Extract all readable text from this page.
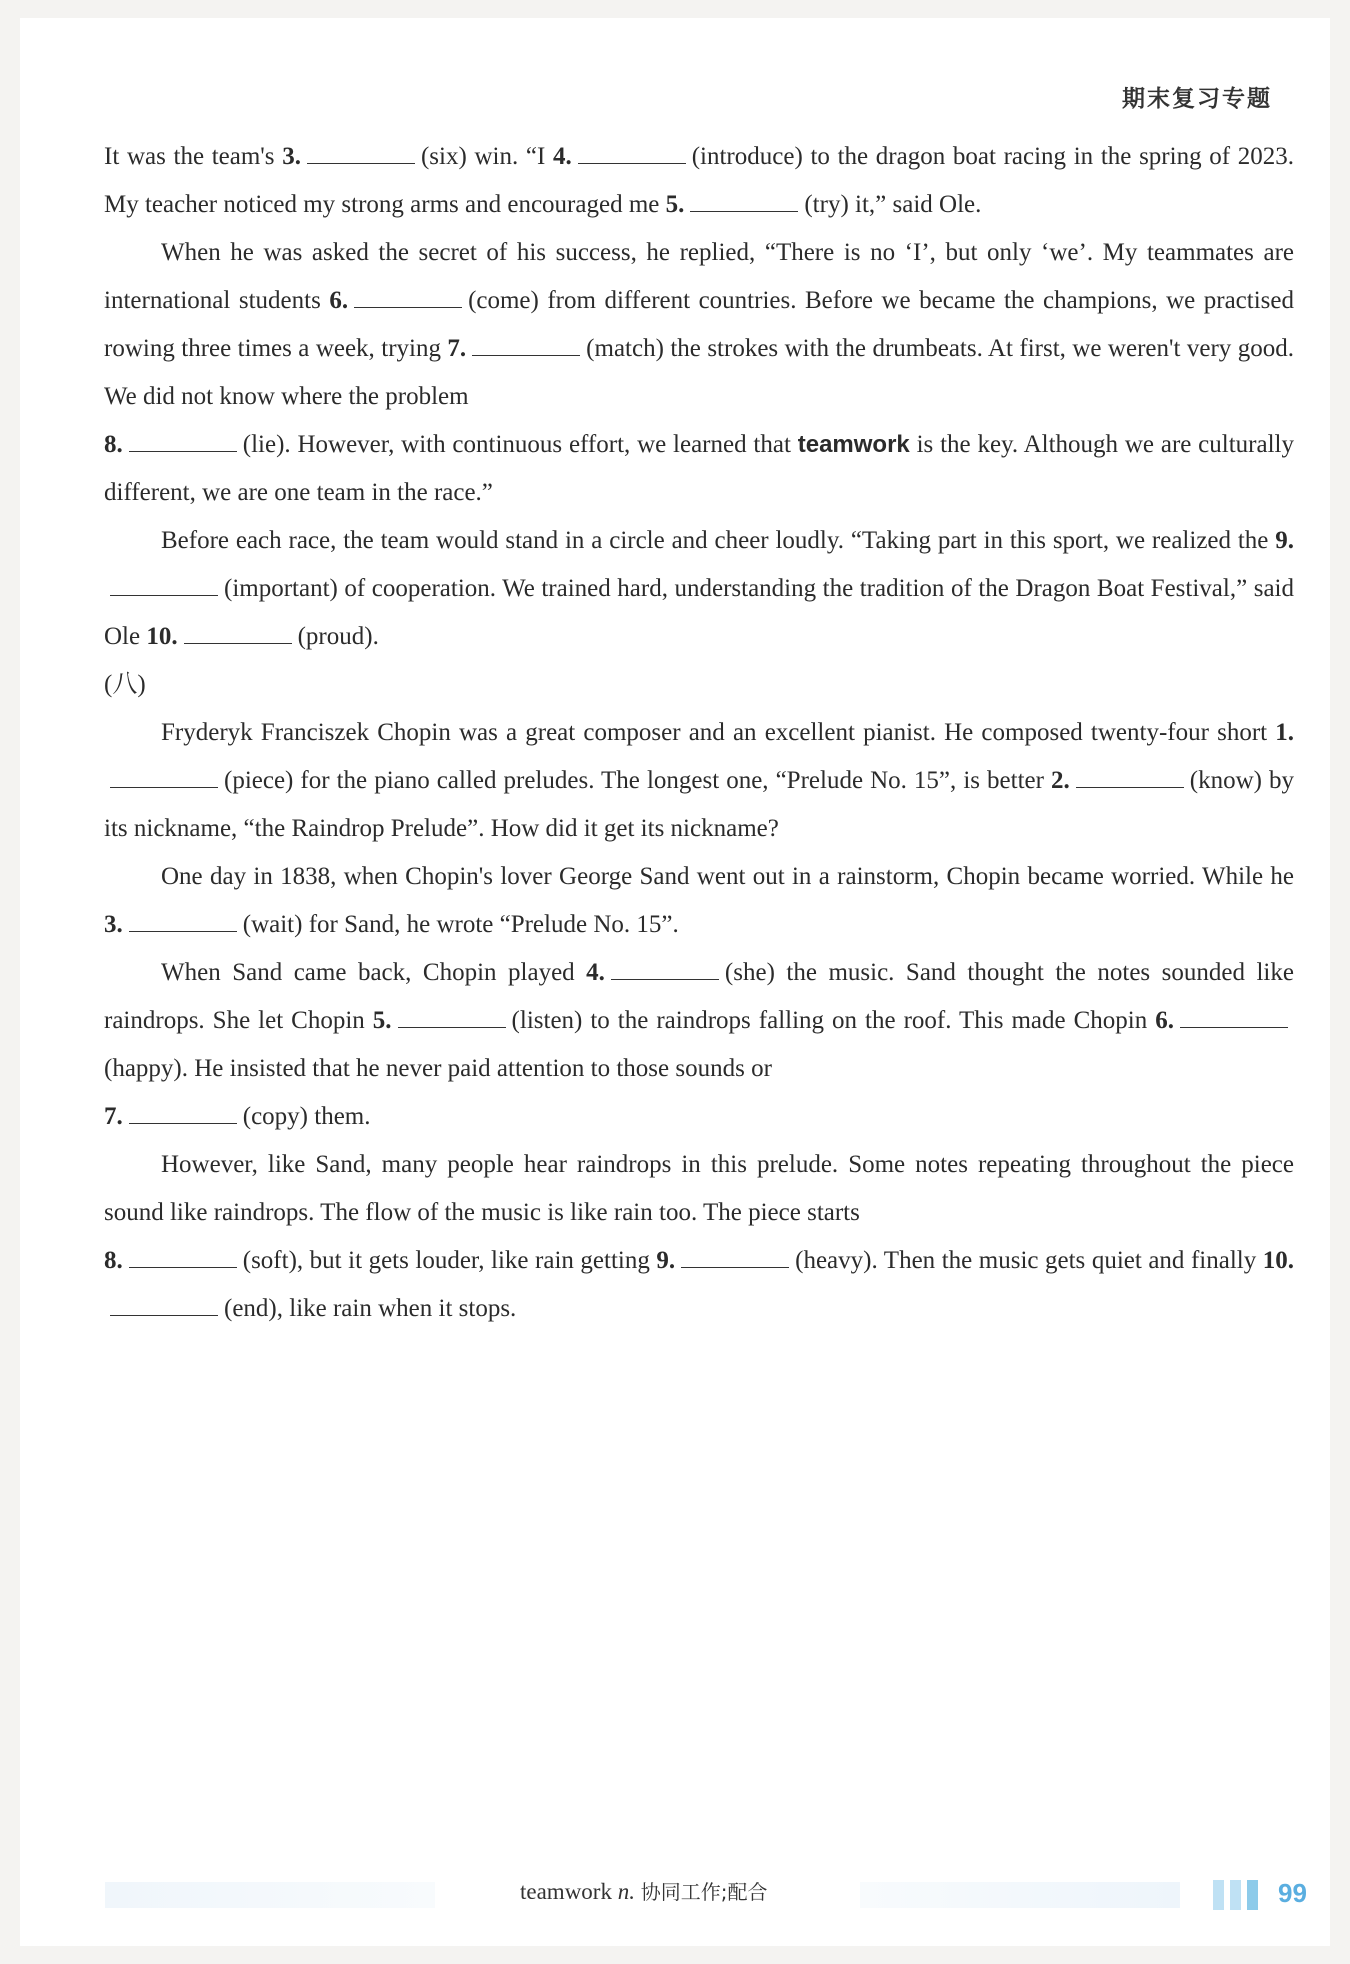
期末复习专题

It was the team's 3.	(six) win. “I 4.	(introduce) to the dragon boat racing in the spring of 2023. My teacher noticed my strong arms and encouraged me 5.	(try) it,” said Ole.

When he was asked the secret of his success, he replied, “There is no ‘I’, but only ‘we’. My teammates are international students 6.	(come) from different countries. Before we became the champions, we practised rowing three times a week, trying 7.	(match) the strokes with the drumbeats. At first, we weren't very good. We did not know where the problem
8.	(lie). However, with continuous effort, we learned that teamwork is the key. Although we are culturally different, we are one team in the race.”

Before each race, the team would stand in a circle and cheer loudly. “Taking part in this sport, we realized the 9.(important) of cooperation. We trained hard, understanding the tradition of the Dragon Boat Festival,” said Ole 10.	(proud).

(八)

Fryderyk Franciszek Chopin was a great composer and an excellent pianist. He composed twenty-four short 1.(piece) for the piano called preludes. The longest one, “Prelude No. 15”, is better 2.	(know) by its nickname, “the Raindrop Prelude”. How did it get its nickname?

One day in 1838, when Chopin's lover George Sand went out in a rainstorm, Chopin became worried. While he 3.	(wait) for Sand, he wrote “Prelude No. 15”.

When Sand came back, Chopin played 4.	(she) the music. Sand thought the notes sounded like raindrops. She let Chopin 5.	(listen) to the raindrops falling on the roof. This made Chopin 6.(happy). He insisted that he never paid attention to those sounds or
7.	(copy) them.

However, like Sand, many people hear raindrops in this prelude. Some notes repeating throughout the piece sound like raindrops. The flow of the music is like rain too. The piece starts
8.	(soft), but it gets louder, like rain getting 9.	(heavy). Then the music gets quiet and finally 10.(end), like rain when it stops.

teamwork n. 协同工作;配合	99
